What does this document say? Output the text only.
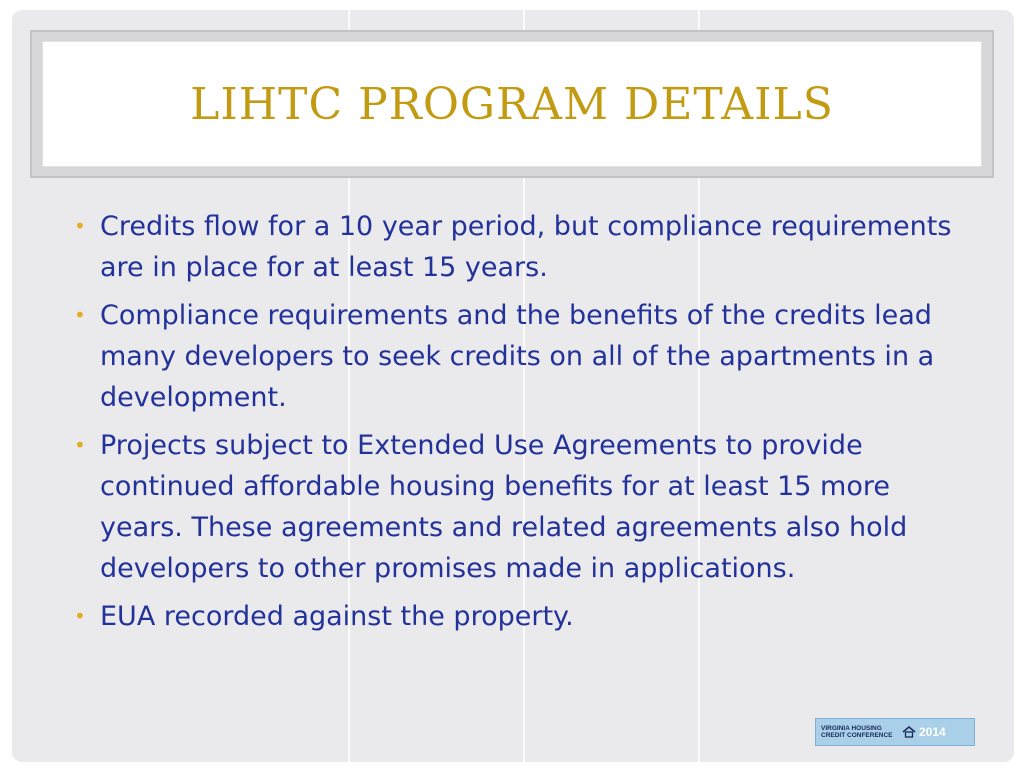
LIHTC PROGRAM DETAILS
• Credits flow for a 10 year period, but compliance requirements are in place for at least 15 years.
• Compliance requirements and the benefits of the credits lead many developers to seek credits on all of the apartments in a development.
• Projects subject to Extended Use Agreements to provide continued affordable housing benefits for at least 15 more years. These agreements and related agreements also hold developers to other promises made in applications.
• EUA recorded against the property.
VIRGINIA HOUSING
CREDIT CONFERENCE	2014
